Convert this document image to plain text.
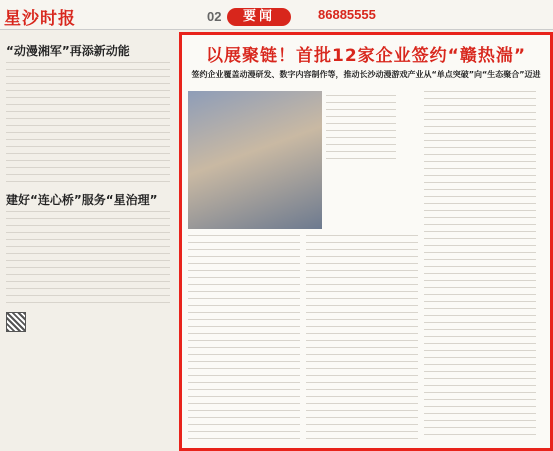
星沙时报	02	要闻	86885555
“动漫湘军”再添新动能
建好“连心桥”服务“星治理”
以展聚链！首批12家企业签约“赣热湍”
签约企业覆盖动漫研发、数字内容制作等，推动长沙动漫游戏产业从“单点突破”向“生态聚合”迈进
